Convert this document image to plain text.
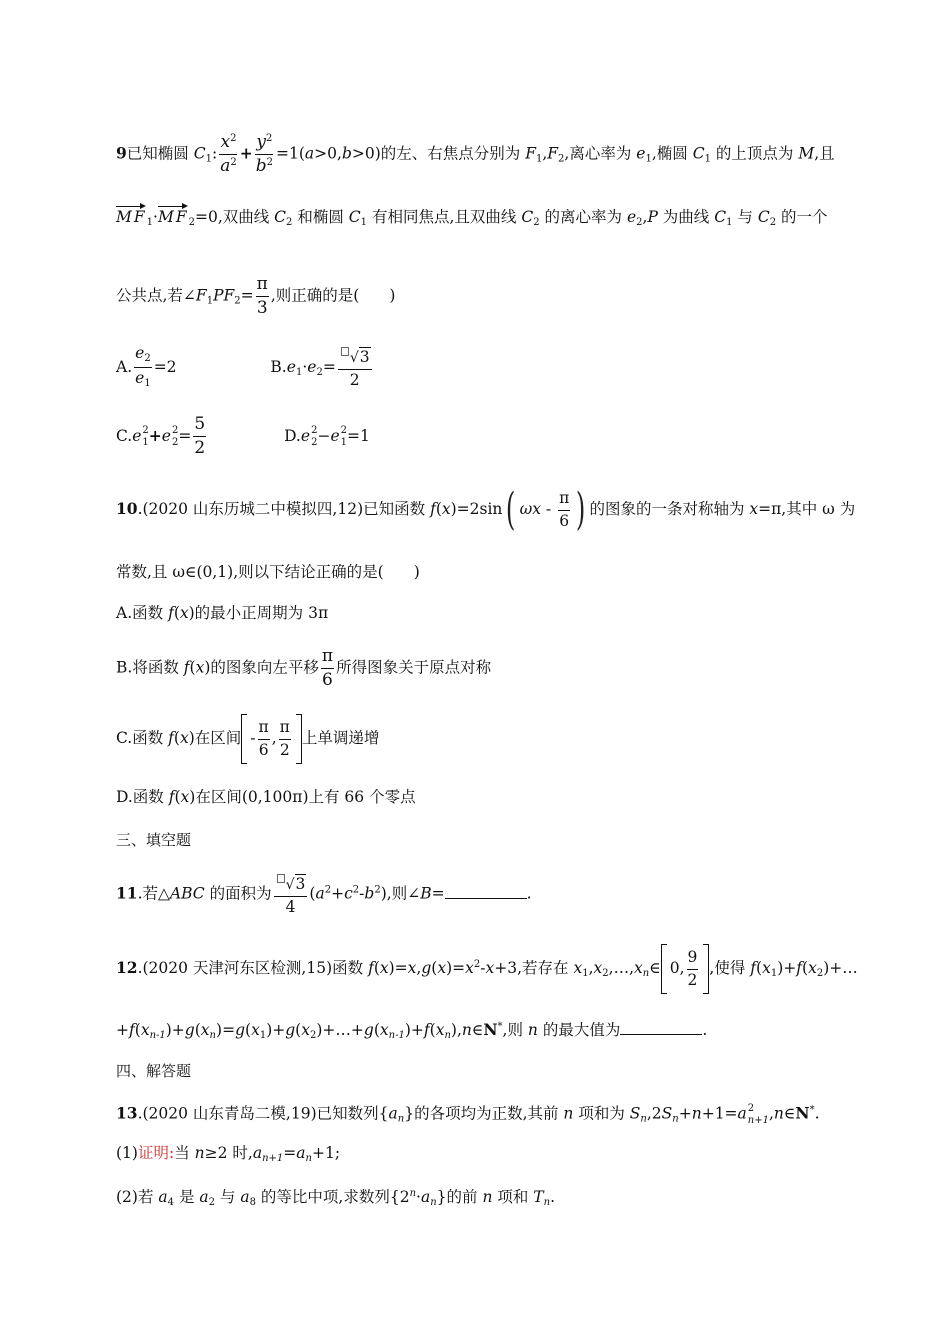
9已知椭圆 $C_1$: $\frac{x^2}{a^2} + \frac{y^2}{b^2} =1(a>0,b>0)$的左、右焦点分别为 $F_1,F_2$,离心率为 $e_1$,椭圆 $C_1$ 的上顶点为 M,且
$MF_1\cdot MF_2=0$,双曲线 $C_2$ 和椭圆 $C_1$ 有相同焦点,且双曲线 $C_2$ 的离心率为 $e_2,P$ 为曲线 $C_1$ 与 $C_2$ 的一个
公共点,若$\angle F_1PF_2= \frac{\pi}{3}$ ,则正确的是( )
A. $\frac{e_2}{e_1} =2$	$B.e_1\cdot e_2= \frac{√3}{2}$
C.e 2
1 +e 2
$2 = \frac{5}{2}$	D.e 2
2 −e 2
1 =1
10.(2020 山东历城二中模拟四,12)已知函数 f(x)=2sin( ωx - $\frac{\pi}{6}$ ) 的图象的一条对称轴为 x=π,其中 ω 为
常数,且 ω∈(0,1),则以下结论正确的是( )
A.函数 f(x)的最小正周期为 3π
B.将函数 f(x)的图象向左平移 $\frac{\pi}{6}$ 所得图象关于原点对称
C.函数 f(x)在区间 - $\frac{\pi}{6}$ , $\frac{\pi}{2}$ 上单调递增
D.函数 f(x)在区间(0,100π)上有 66 个零点
三、填空题
11.若△ABC 的面积为 $\frac{√3}{4} (a^2+c^2-b^2)$,则∠B=	.
12.(2020 天津河东区检测,15)函数 $f(x)=x,g(x)=x^2-x+3$,若存在 $x_1,x_2,\dots,x_n\in$ 0, $\frac{9}{2}$ ,使得 $f(x_1)+f(x_2)+\dots$
$+f(x_{n-1})+g(x_n)=g(x_1)+g(x_2)+\dots+g(x_{n-1})+f(x_n),n\in N^*$,则 n 的最大值为	.
四、解答题
13.(2020 山东青岛二模,19)已知数列$\{a_n\}$的各项均为正数,其前 n 项和为 $S_n,2S_n+n+1=a$ 2
n+1 ,n∈N*.
(1)证明:当 n≥2 时$,a_{n+1}=a_n+1$;
(2)若 $a_4$ 是 $a_2$ 与 $a_8$ 的等比中项,求数列$\{2^n\cdot a_n\}$的前 n 项和 $T_n$.
